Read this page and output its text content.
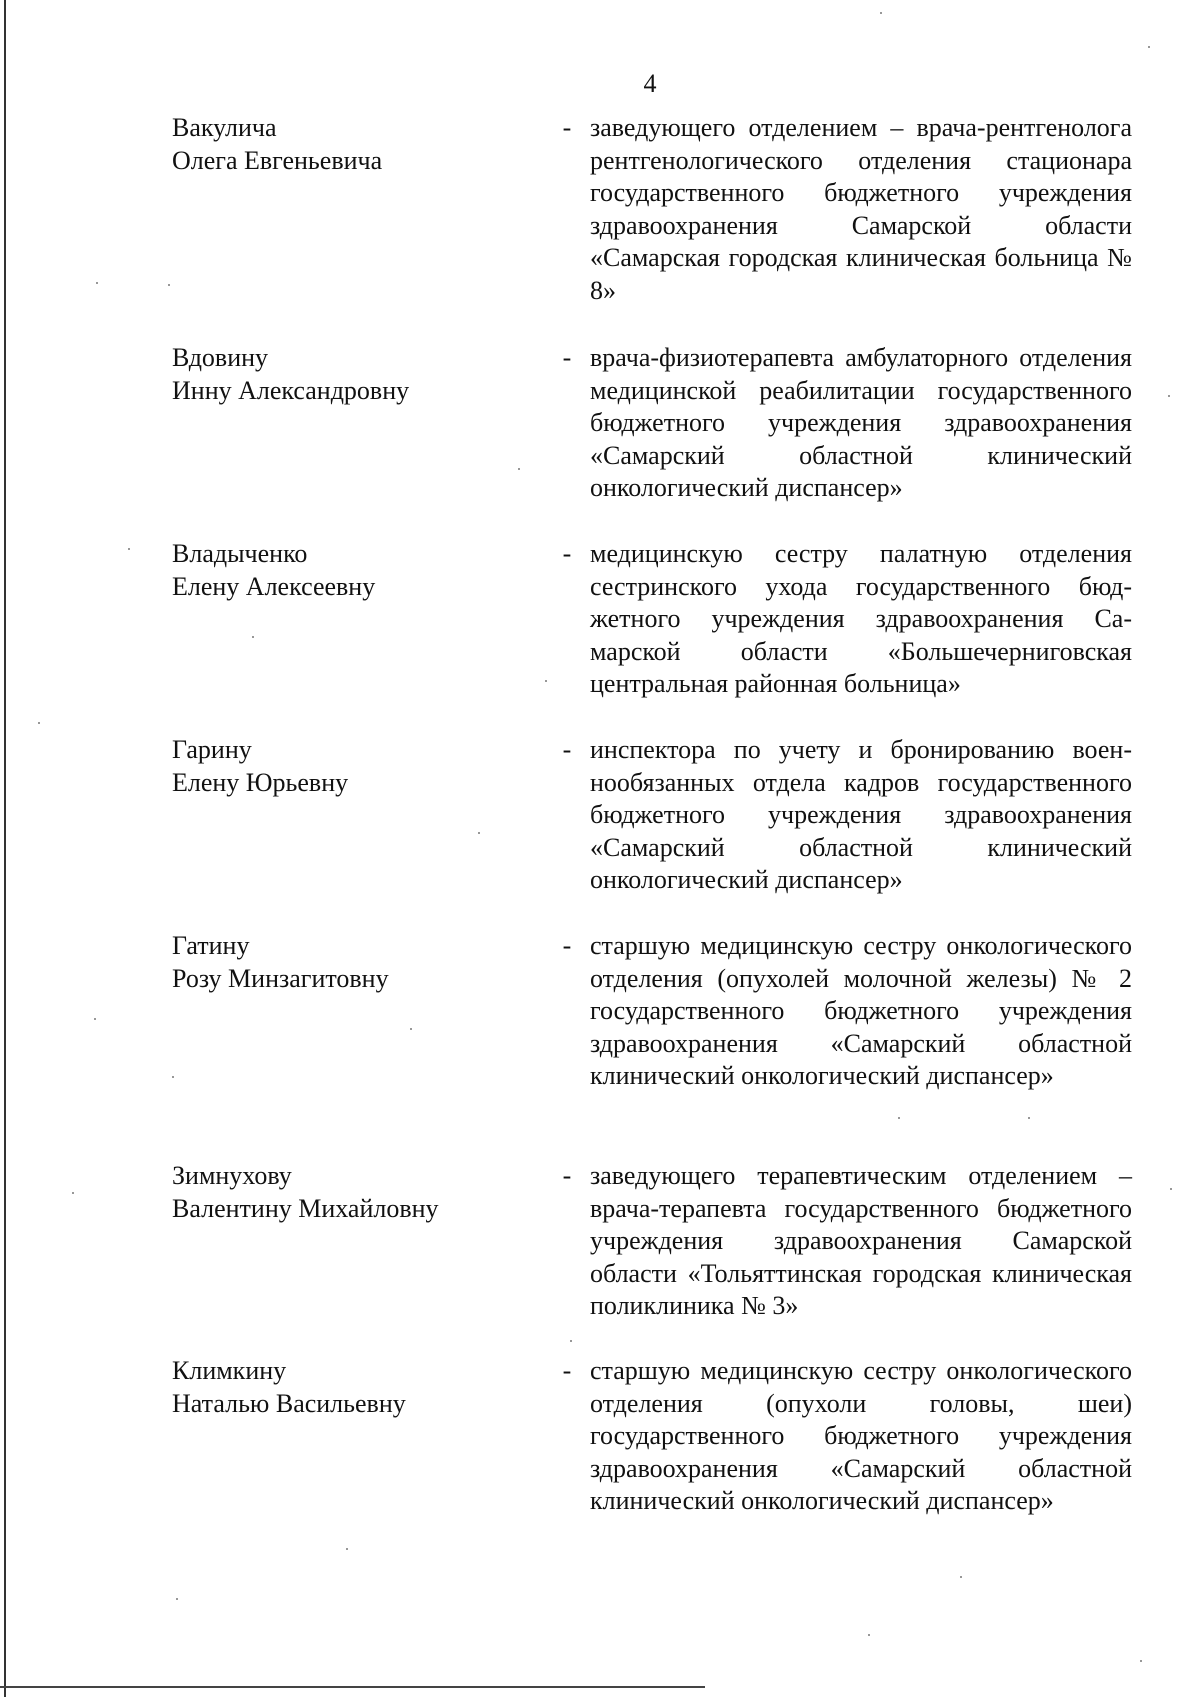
4
Вакулича
Олега Евгеньевича
- заведующего отделением – врача-рентгенолога рентгенологического отделения стационара государственного бюджетного учреждения здравоохранения Самарской области «Самарская городская клиническая больница № 8»
Вдовину
Инну Александровну
- врача-физиотерапевта амбулаторного отделения медицинской реабилитации государственного бюджетного учреждения здравоохранения «Самарский областной клинический онкологический диспансер»
Владыченко
Елену Алексеевну
- медицинскую сестру палатную отделения сестринского ухода государственного бюджетного учреждения здравоохранения Самарской области «Большечерниговская центральная районная больница»
Гарину
Елену Юрьевну
- инспектора по учету и бронированию военнообязанных отдела кадров государственного бюджетного учреждения здравоохранения «Самарский областной клинический онкологический диспансер»
Гатину
Розу Минзагитовну
- старшую медицинскую сестру онкологического отделения (опухолей молочной железы) № 2 государственного бюджетного учреждения здравоохранения «Самарский областной клинический онкологический диспансер»
Зимнухову
Валентину Михайловну
- заведующего терапевтическим отделением – врача-терапевта государственного бюджетного учреждения здравоохранения Самарской области «Тольяттинская городская клиническая поликлиника № 3»
Климкину
Наталью Васильевну
- старшую медицинскую сестру онкологического отделения (опухоли головы, шеи) государственного бюджетного учреждения здравоохранения «Самарский областной клинический онкологический диспансер»
